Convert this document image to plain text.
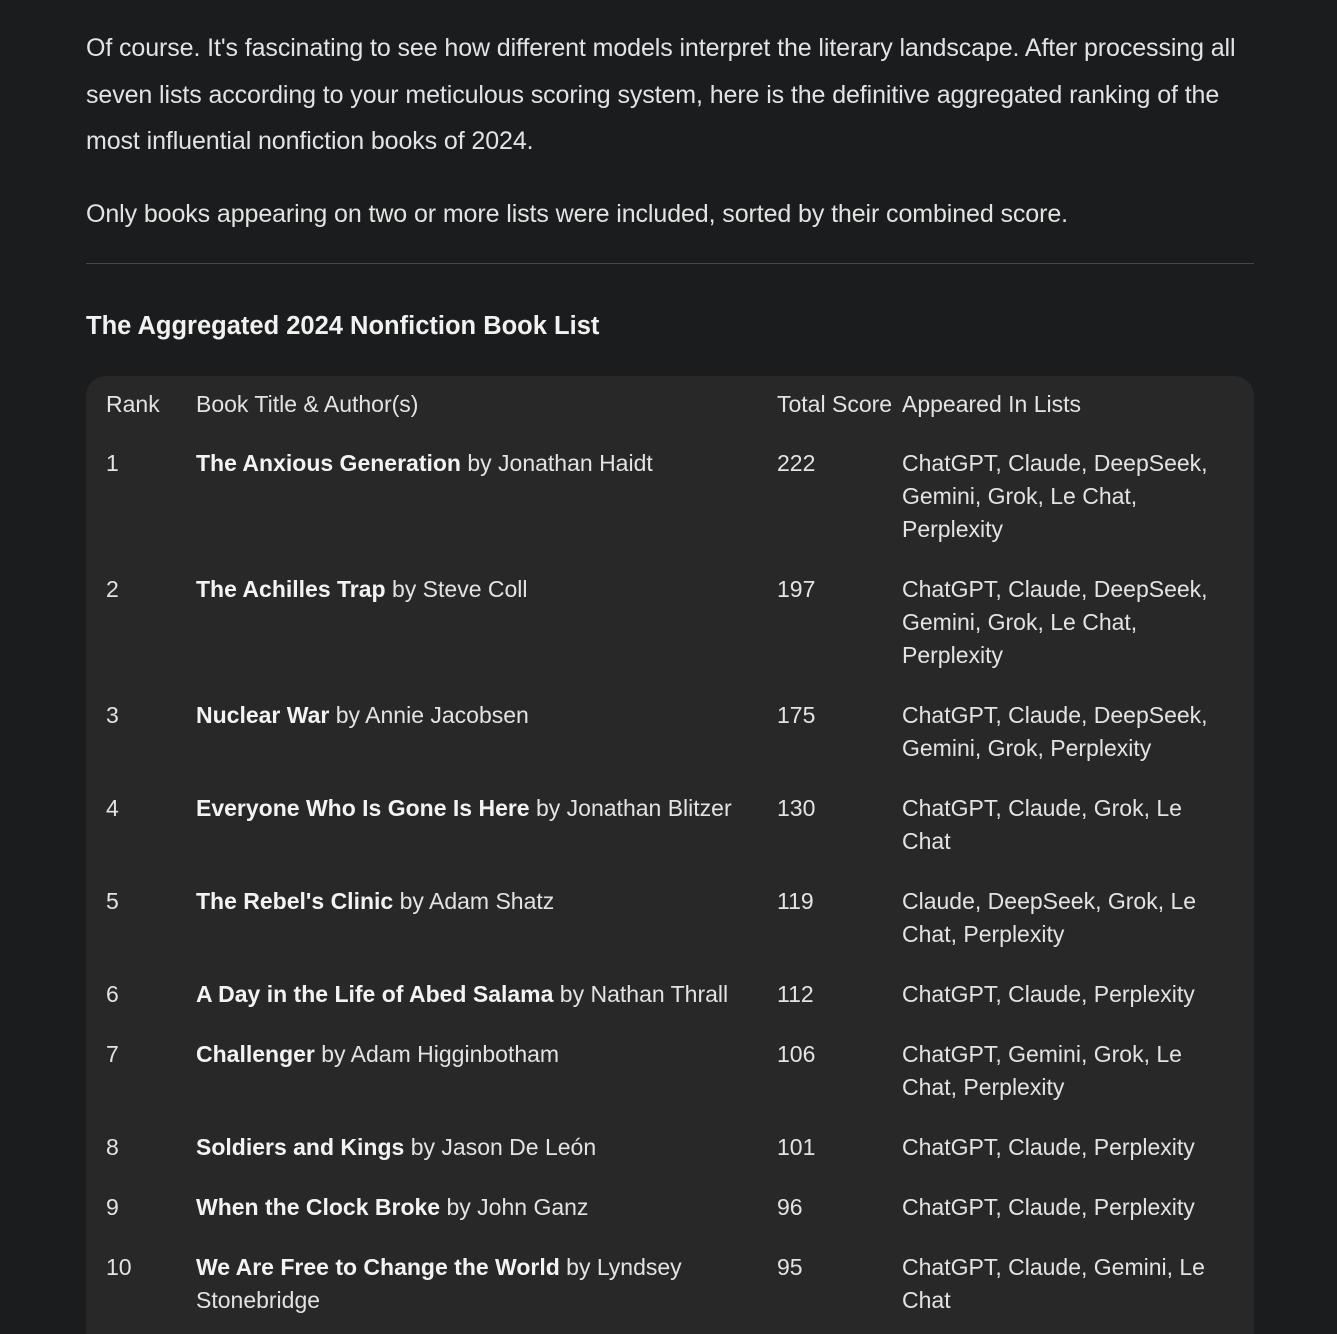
Of course. It's fascinating to see how different models interpret the literary landscape. After processing all seven lists according to your meticulous scoring system, here is the definitive aggregated ranking of the most influential nonfiction books of 2024.

Only books appearing on two or more lists were included, sorted by their combined score.

The Aggregated 2024 Nonfiction Book List
Rank	Book Title & Author(s)	Total Score	Appeared In Lists
1	The Anxious Generation by Jonathan Haidt	222	ChatGPT, Claude, DeepSeek, Gemini, Grok, Le Chat, Perplexity
2	The Achilles Trap by Steve Coll	197	ChatGPT, Claude, DeepSeek, Gemini, Grok, Le Chat, Perplexity
3	Nuclear War by Annie Jacobsen	175	ChatGPT, Claude, DeepSeek, Gemini, Grok, Perplexity
4	Everyone Who Is Gone Is Here by Jonathan Blitzer	130	ChatGPT, Claude, Grok, Le Chat
5	The Rebel's Clinic by Adam Shatz	119	Claude, DeepSeek, Grok, Le Chat, Perplexity
6	A Day in the Life of Abed Salama by Nathan Thrall	112	ChatGPT, Claude, Perplexity
7	Challenger by Adam Higginbotham	106	ChatGPT, Gemini, Grok, Le Chat, Perplexity
8	Soldiers and Kings by Jason De León	101	ChatGPT, Claude, Perplexity
9	When the Clock Broke by John Ganz	96	ChatGPT, Claude, Perplexity
10	We Are Free to Change the World by Lyndsey Stonebridge	95	ChatGPT, Claude, Gemini, Le Chat
